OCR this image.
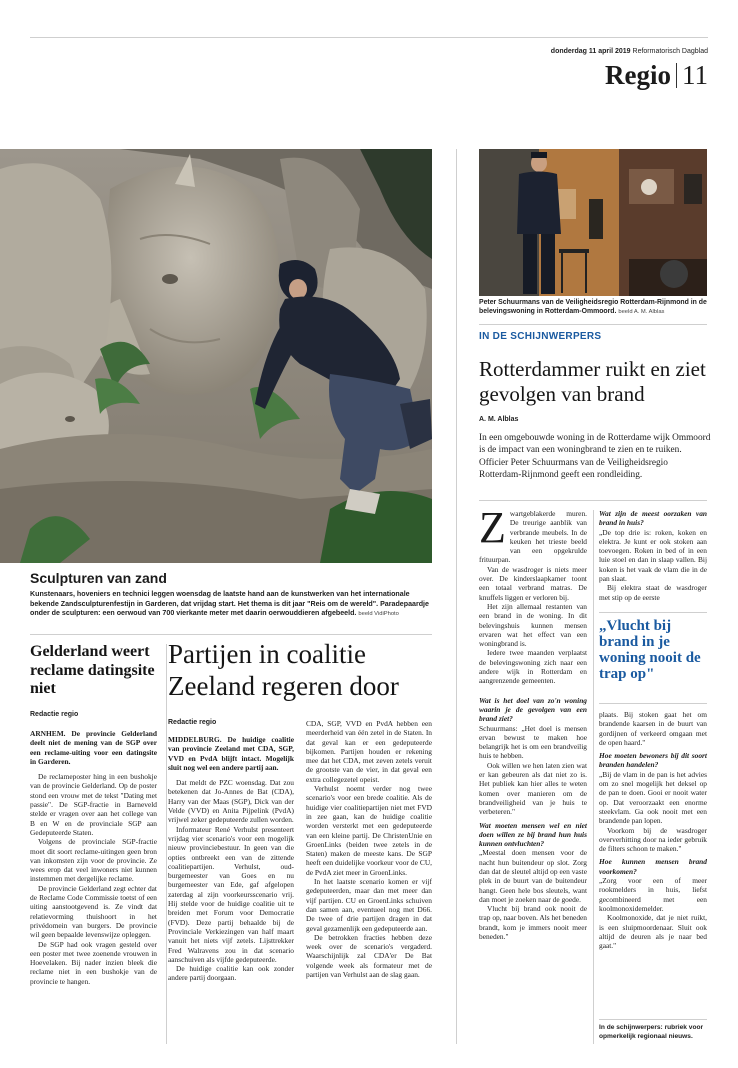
donderdag 11 april 2019 Reformatorisch Dagblad
Regio 11
Sculpturen van zand
Kunstenaars, hoveniers en technici leggen woensdag de laatste hand aan de kunstwerken van het internationale bekende Zandsculpturenfestijn in Garderen, dat vrijdag start. Het thema is dit jaar "Reis om de wereld". Paradepaardje onder de sculpturen: een oerwoud van 700 vierkante meter met daarin oerwouddieren afgebeeld. beeld VidiPhoto
Gelderland weert reclame datingsite niet
Redactie regio

ARNHEM. De provincie Gelderland deelt niet de mening van de SGP over een reclame-uiting voor een datingsite in Garderen.

De reclameposter hing in een bushokje van de provincie Gelderland. Op de poster stond een vrouw met de tekst "Dating met passie". De SGP-fractie in Barneveld stelde er vragen over aan het college van B en W en de provinciale SGP aan Gedeputeerde Staten.

Volgens de provinciale SGP-fractie moet dit soort reclame-uitingen geen bron van inkomsten zijn voor de provincie. Ze wees erop dat veel inwoners niet kunnen instemmen met dergelijke reclame.

De provincie Gelderland zegt echter dat de Reclame Code Commissie toetst of een uiting aanstootgevend is. Ze vindt dat relatievorming thuishoort in het privédomein van burgers. De provincie wil geen bepaalde levenswijze opleggen.

De SGP had ook vragen gesteld over een poster met twee zoenende vrouwen in Hoevelaken. Bij nader inzien bleek die reclame niet in een bushokje van de provincie te hangen.

Partijen in coalitie Zeeland regeren door
Redactie regio

MIDDELBURG. De huidige coalitie van provincie Zeeland met CDA, SGP, VVD en PvdA blijft intact. Mogelijk sluit nog wel een andere partij aan.

Dat meldt de PZC woensdag. Dat zou betekenen dat Jo-Annes de Bat (CDA), Harry van der Maas (SGP), Dick van der Velde (VVD) en Anita Pijpelink (PvdA) vrijwel zeker gedeputeerde zullen worden.

Informateur René Verhulst presenteert vrijdag vier scenario's voor een mogelijk nieuw provinciebestuur. In geen van die opties ontbreekt een van de zittende coalitiepartijen. Verhulst, oud-burgemeester van Goes en nu burgemeester van Ede, gaf afgelopen zaterdag al zijn voorkeursscenario vrij. Hij stelde voor de huidige coalitie uit te breiden met Forum voor Democratie (FVD). Deze partij behaalde bij de Provinciale Verkiezingen van half maart vanuit het niets vijf zetels. Lijsttrekker Fred Walravens zou in dat scenario aanschuiven als vijfde gedeputeerde.

De huidige coalitie kan ook zonder andere partij doorgaan.

CDA, SGP, VVD en PvdA hebben een meerderheid van één zetel in de Staten. In dat geval kan er een gedeputeerde bijkomen. Partijen houden er rekening mee dat het CDA, met zeven zetels veruit de grootste van de vier, in dat geval een extra collegezetel opeist.

Verhulst noemt verder nog twee scenario's voor een brede coalitie. Als de huidige vier coalitiepartijen niet met FVD in zee gaan, kan de huidige coalitie worden versterkt met een gedeputeerde van een kleine partij. De ChristenUnie en GroenLinks (beiden twee zetels in de Staten) maken de meeste kans. De SGP heeft een duidelijke voorkeur voor de CU, de PvdA ziet meer in GroenLinks.

In het laatste scenario komen er vijf gedeputeerden, maar dan met meer dan vijf partijen. CU en GroenLinks schuiven dan samen aan, eventueel nog met D66. De twee of drie partijen dragen in dat geval gezamenlijk een gedeputeerde aan.

De betrokken fracties hebben deze week over de scenario's vergaderd. Waarschijnlijk zal CDA'er De Bat volgende week als formateur met de partijen van Verhulst aan de slag gaan.

Peter Schuurmans van de Veiligheidsregio Rotterdam-Rijnmond in de belevingswoning in Rotterdam-Ommoord. beeld A. M. Alblas
IN DE SCHIJNWERPERS
Rotterdammer ruikt en ziet gevolgen van brand
A. M. Alblas
In een omgebouwde woning in de Rotterdame wijk Ommoord is de impact van een woningbrand te zien en te ruiken. Officier Peter Schuurmans van de Veiligheidsregio Rotterdam-Rijnmond geeft een rondleiding.

Zwartgeblakerde muren. De treurige aanblik van verbrande meubels. In de keuken het trieste beeld van een opgekrulde frituurpan.

Van de wasdroger is niets meer over. De kinderslaapkamer toont een totaal verbrand matras. De knuffels liggen er verloren bij.

Het zijn allemaal restanten van een brand in de woning. In dit belevingshuis kunnen mensen ervaren wat het effect van een woningbrand is.

Iedere twee maanden verplaatst de belevingswoning zich naar een andere wijk in Rotterdam en aangrenzende gemeenten.

Wat is het doel van zo'n woning waarin je de gevolgen van een brand ziet?

Schuurmans: „Het doel is mensen ervan bewust te maken hoe belangrijk het is om een brandveilig huis te hebben.

Ook willen we hen laten zien wat er kan gebeuren als dat niet zo is. Het publiek kan hier alles te weten komen over manieren om de brandveiligheid van je huis te verbeteren."

Wat moeten mensen wel en niet doen willen ze bij brand hun huis kunnen ontvluchten?

„Meestal doen mensen voor de nacht hun buitendeur op slot. Zorg dan dat de sleutel altijd op een vaste plek in de buurt van de buitendeur hangt. Geen hele bos sleutels, want dan moet je zoeken naar de goede.

Vlucht bij brand ook nooit de trap op, naar boven. Als het beneden brandt, kom je immers nooit meer beneden."

Wat zijn de meest oorzaken van brand in huis?

„De top drie is: roken, koken en elektra. Je kunt er ook stoken aan toevoegen. Roken in bed of in een luie stoel en dan in slaap vallen. Bij koken is het vaak de vlam die in de pan slaat.

Bij elektra staat de wasdroger met stip op de eerste

„Vlucht bij brand in je woning nooit de trap op"

plaats. Bij stoken gaat het om brandende kaarsen in de buurt van gordijnen of verkeerd omgaan met de open haard."

Hoe moeten bewoners bij dit soort branden handelen?

„Bij de vlam in de pan is het advies om zo snel mogelijk het deksel op de pan te doen. Gooi er nooit water op. Dat veroorzaakt een enorme steekvlam. Ga ook nooit met een brandende pan lopen.

Voorkom bij de wasdroger oververhitting door na ieder gebruik de filters schoon te maken."

Hoe kunnen mensen brand voorkomen?

„Zorg voor een of meer rookmelders in huis, liefst gecombineerd met een koolmonoxidemelder.

Koolmonoxide, dat je niet ruikt, is een sluipmoordenaar. Sluit ook altijd de deuren als je naar bed gaat."

In de schijnwerpers: rubriek voor opmerkelijk regionaal nieuws.
